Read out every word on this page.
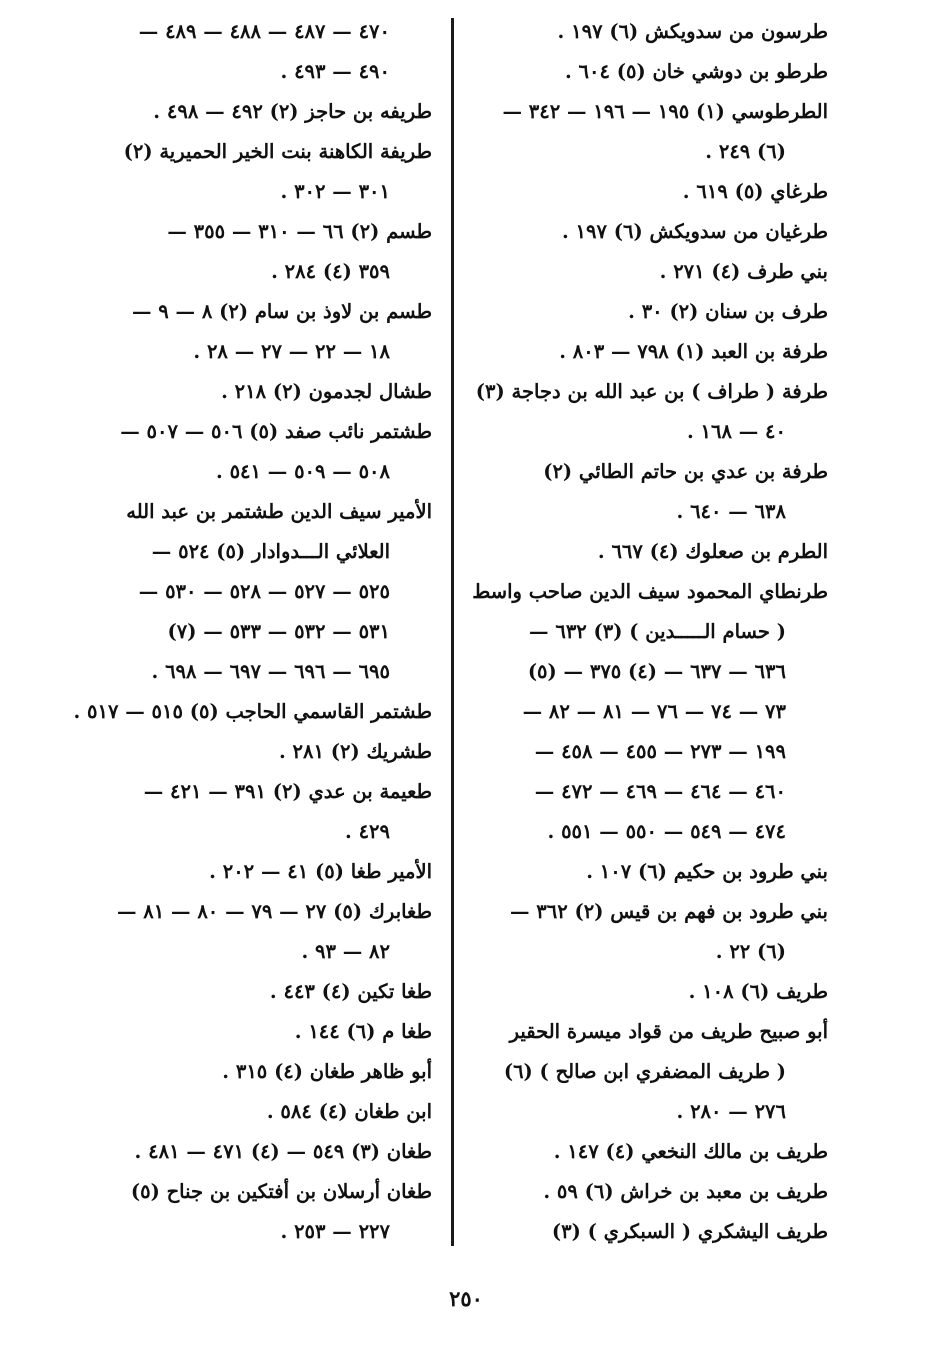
طرسون من سدويكش (٦) ١٩٧ .
طرطو بن دوشي خان (٥) ٦٠٤ .
الطرطوسي (١) ١٩٥ — ١٩٦ — ٣٤٢ —
(٦) ٢٤٩ .
طرغاي (٥) ٦١٩ .
طرغيان من سدويكش (٦) ١٩٧ .
بني طرف (٤) ٢٧١ .
طرف بن سنان (٢) ٣٠ .
طرفة بن العبد (١) ٧٩٨ — ٨٠٣ .
طرفة ( طراف ) بن عبد الله بن دجاجة (٣)
٤٠ — ١٦٨ .
طرفة بن عدي بن حاتم الطائي (٢)
٦٣٨ — ٦٤٠ .
الطرم بن صعلوك (٤) ٦٦٧ .
طرنطاي المحمود سيف الدين صاحب واسط
( حسام الـــــدين ) (٣) ٦٣٢ —
٦٣٦ — ٦٣٧ — (٤) ٣٧٥ — (٥)
٧٣ — ٧٤ — ٧٦ — ٨١ — ٨٢ —
١٩٩ — ٢٧٣ — ٤٥٥ — ٤٥٨ —
٤٦٠ — ٤٦٤ — ٤٦٩ — ٤٧٢ —
٤٧٤ — ٥٤٩ — ٥٥٠ — ٥٥١ .
بني طرود بن حكيم (٦) ١٠٧ .
بني طرود بن فهم بن قيس (٢) ٣٦٢ —
(٦) ٢٢ .
طريف (٦) ١٠٨ .
أبو صبيح طريف من قواد ميسرة الحقير
( طريف المضفري ابن صالح ) (٦)
٢٧٦ — ٢٨٠ .
طريف بن مالك النخعي (٤) ١٤٧ .
طريف بن معبد بن خراش (٦) ٥٩ .
طريف اليشكري ( السبكري ) (٣)
٤٧٠ — ٤٨٧ — ٤٨٨ — ٤٨٩ —
٤٩٠ — ٤٩٣ .
طريفه بن حاجز (٢) ٤٩٢ — ٤٩٨ .
طريفة الكاهنة بنت الخير الحميرية (٢)
٣٠١ — ٣٠٢ .
طسم (٢) ٦٦ — ٣١٠ — ٣٥٥ —
٣٥٩ (٤) ٢٨٤ .
طسم بن لاوذ بن سام (٢) ٨ — ٩ —
١٨ — ٢٢ — ٢٧ — ٢٨ .
طشال لجدمون (٢) ٢١٨ .
طشتمر نائب صفد (٥) ٥٠٦ — ٥٠٧ —
٥٠٨ — ٥٠٩ — ٥٤١ .
الأمير سيف الدين طشتمر بن عبد الله
العلائي الـــدوادار (٥) ٥٢٤ —
٥٢٥ — ٥٢٧ — ٥٢٨ — ٥٣٠ —
٥٣١ — ٥٣٢ — ٥٣٣ — (٧)
٦٩٥ — ٦٩٦ — ٦٩٧ — ٦٩٨ .
طشتمر القاسمي الحاجب (٥) ٥١٥ — ٥١٧ .
طشريك (٢) ٢٨١ .
طعيمة بن عدي (٢) ٣٩١ — ٤٢١ —
٤٢٩ .
الأمير طغا (٥) ٤١ — ٢٠٢ .
طغابرك (٥) ٢٧ — ٧٩ — ٨٠ — ٨١ —
٨٢ — ٩٣ .
طغا تكين (٤) ٤٤٣ .
طغا م (٦) ١٤٤ .
أبو ظاهر طغان (٤) ٣١٥ .
ابن طغان (٤) ٥٨٤ .
طغان (٣) ٥٤٩ — (٤) ٤٧١ — ٤٨١ .
طغان أرسلان بن أفتكين بن جناح (٥)
٢٢٧ — ٢٥٣ .
٢٥٠
